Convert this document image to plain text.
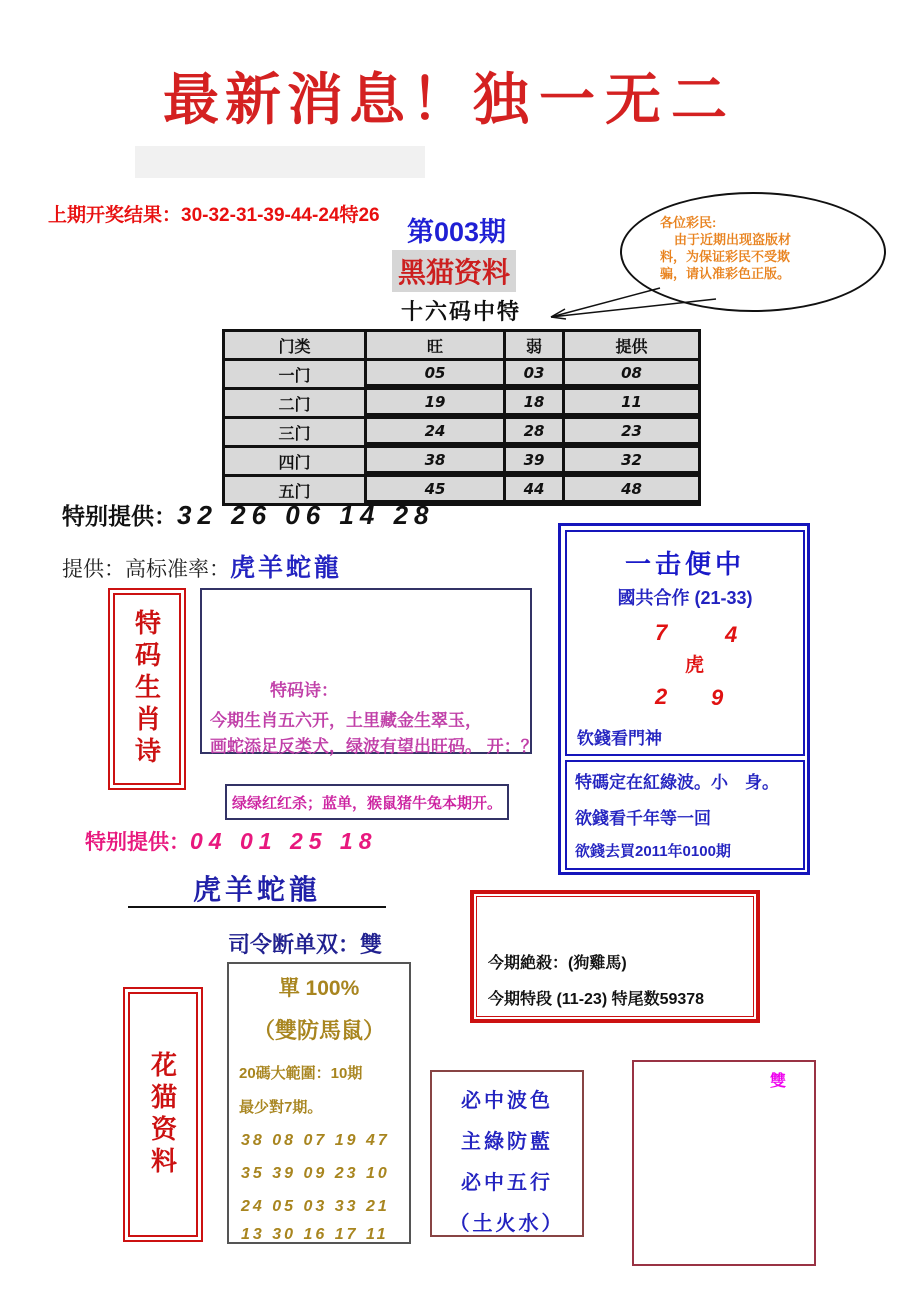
最新消息！独一无二
上期开奖结果：30-32-31-39-44-24特26
第003期
黑猫资料
各位彩民:
由于近期出现盗版材
料，为保证彩民不受欺
骗，请认准彩色正版。
十六码中特
门类	旺	弱	提供
一门	05	03	08
二门	19	18	11
三门	24	28	23
四门	38	39	32
五门	45	44	48
特别提供：32 26 06 14 28
提供：高标准率：虎羊蛇龍
特码生肖诗	特码诗：
今期生肖五六开，土里藏金生翠玉，
画蛇添足反类犬，绿波有望出旺码。 开：？
一击便中
國共合作 (21-33)
7	4
虎
2 9
钦錢看門神
特碼定在紅綠波。小　身。
欲錢看千年等一回
欲錢去買2011年0100期
绿绿红红杀；蓝单，猴鼠猪牛兔本期开。
特别提供：04 01 25 18
虎羊蛇龍
司令断单双：雙
單 100%
（雙防馬鼠）
20碼大範圍：10期
最少對7期。
38 08 07 19 47
35 39 09 23 10
24 05 03 33 21
13 30 16 17 11
花猫资料
今期絶殺：(狗雞馬)
今期特段 (11-23) 特尾数59378
必中波色
主綠防藍
必中五行
（土火水）
雙
